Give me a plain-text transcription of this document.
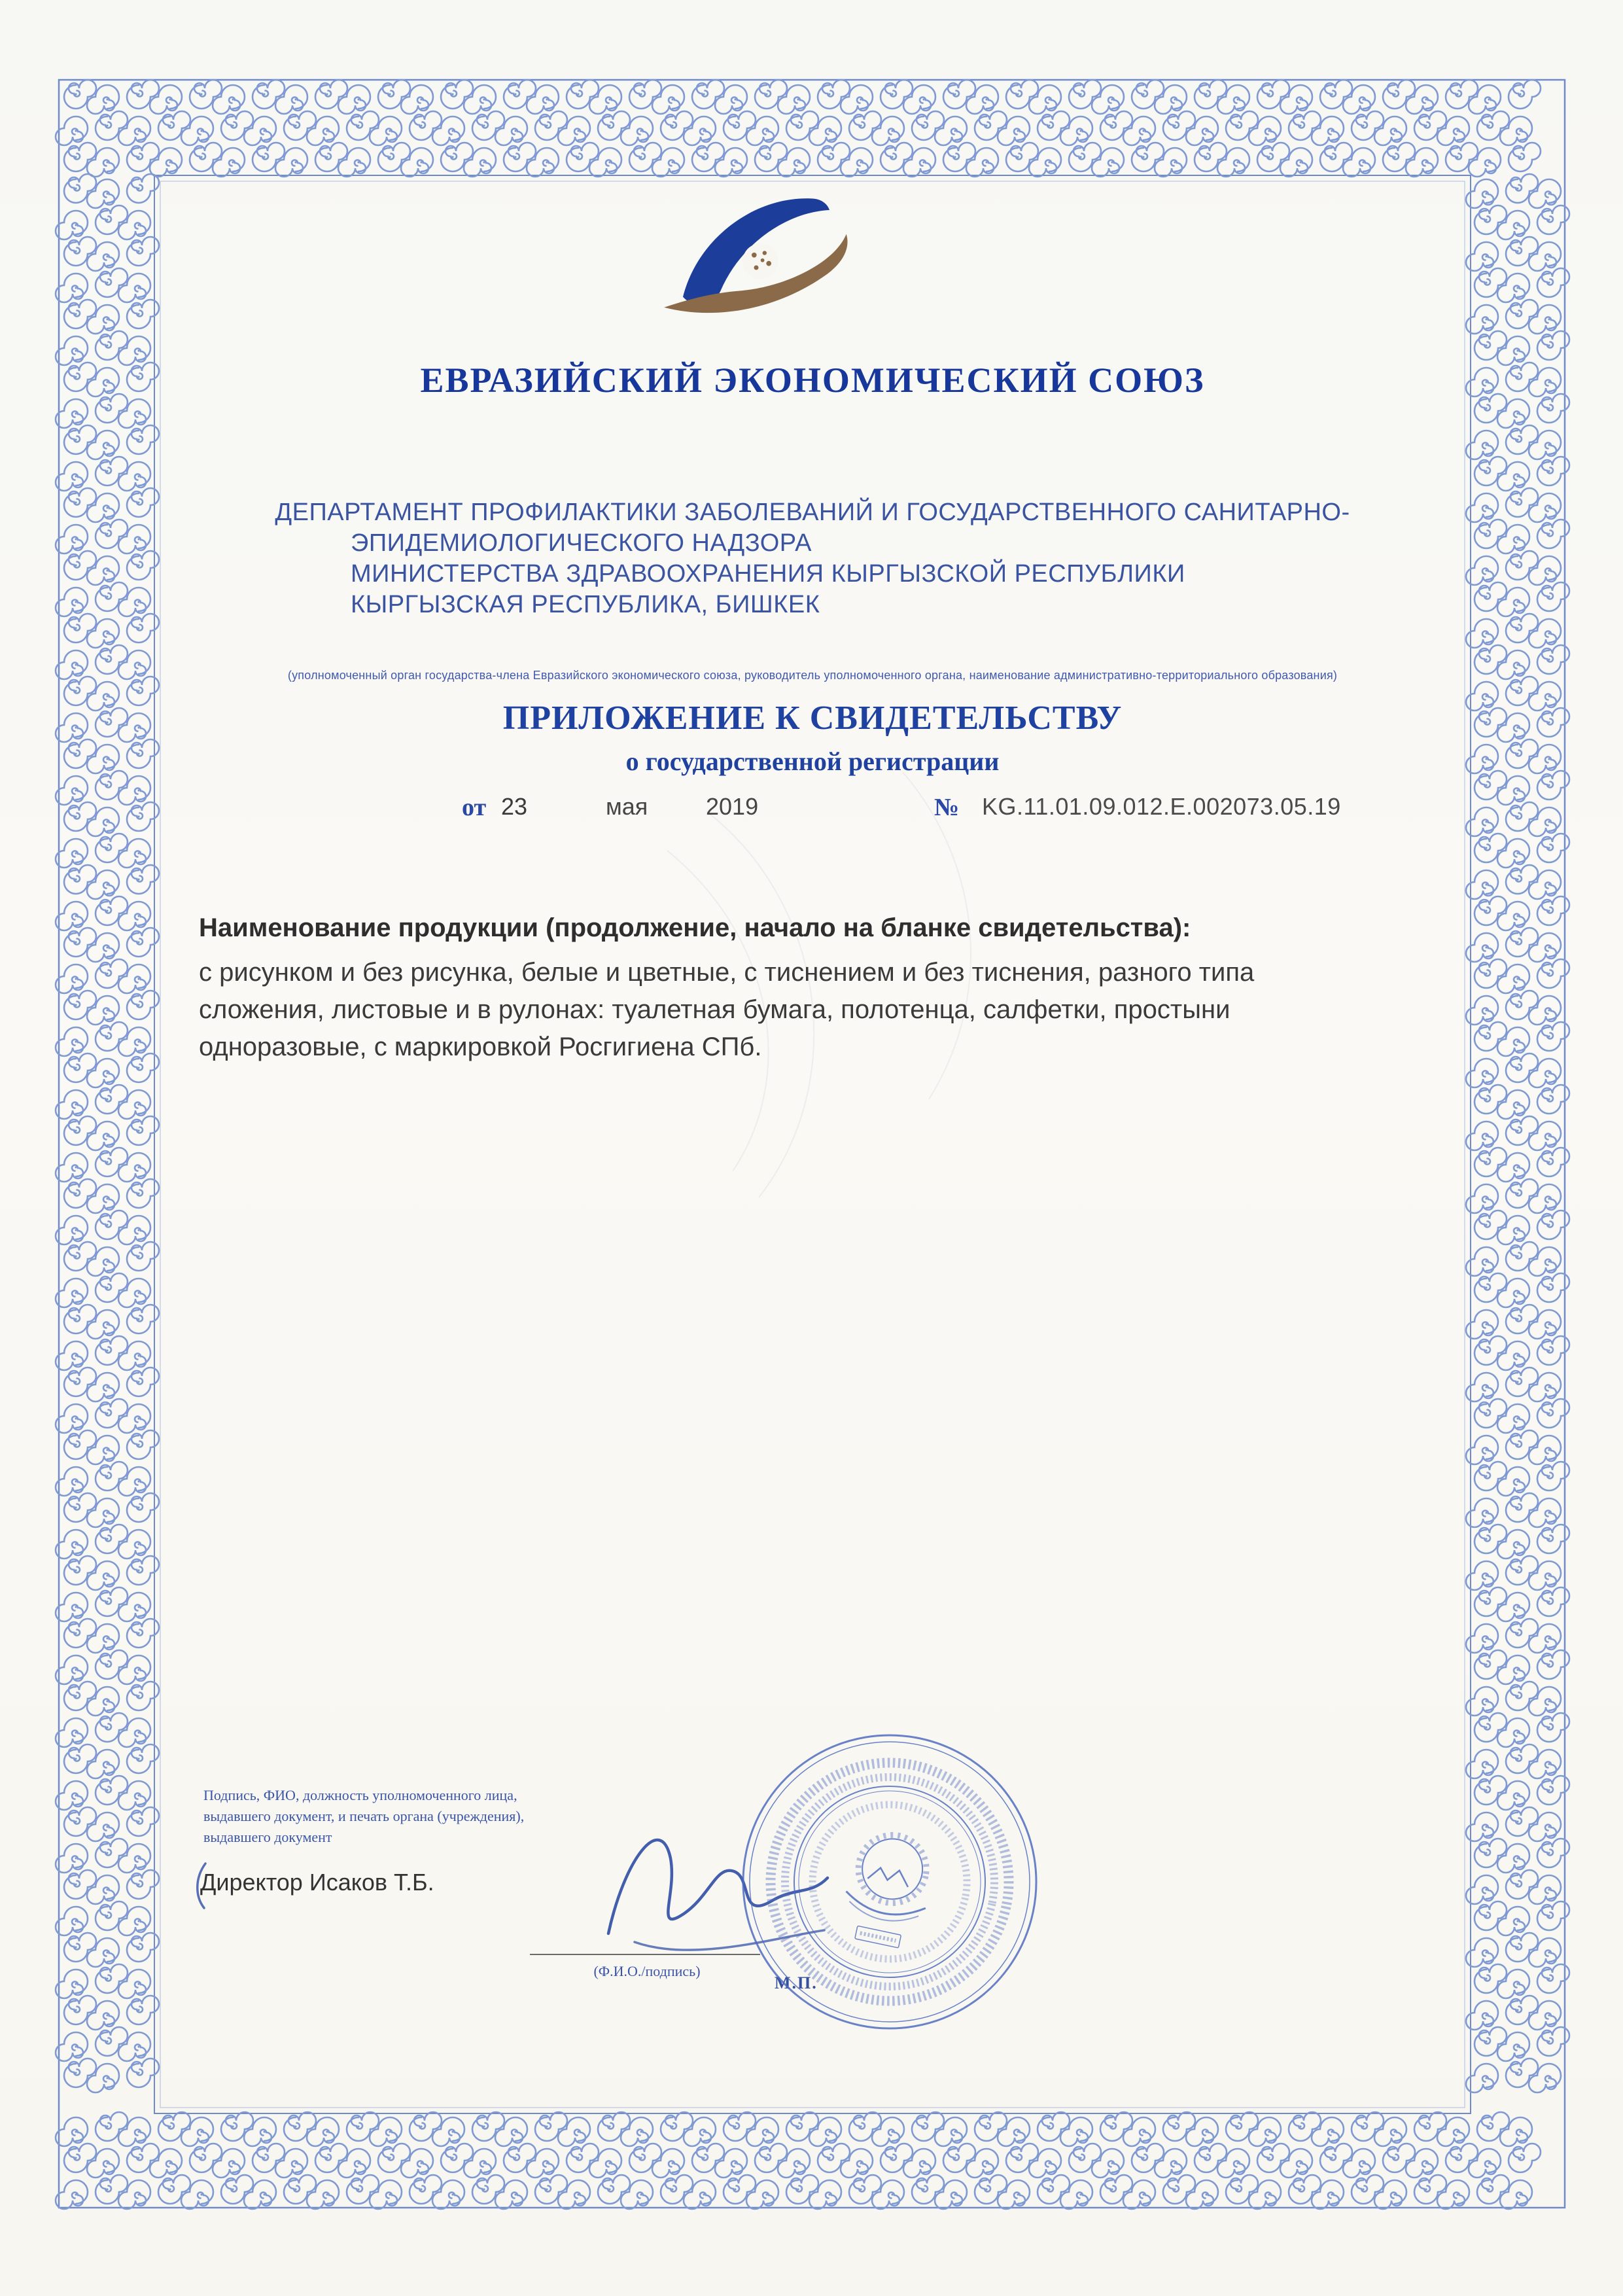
ЕВРАЗИЙСКИЙ ЭКОНОМИЧЕСКИЙ СОЮЗ
ДЕПАРТАМЕНТ ПРОФИЛАКТИКИ ЗАБОЛЕВАНИЙ И ГОСУДАРСТВЕННОГО САНИТАРНО-
ЭПИДЕМИОЛОГИЧЕСКОГО НАДЗОРА
МИНИСТЕРСТВА ЗДРАВООХРАНЕНИЯ КЫРГЫЗСКОЙ РЕСПУБЛИКИ
КЫРГЫЗСКАЯ РЕСПУБЛИКА, БИШКЕК
(уполномоченный орган государства-члена Евразийского экономического союза, руководитель уполномоченного органа, наименование административно-территориального образования)
ПРИЛОЖЕНИЕ К СВИДЕТЕЛЬСТВУ
о государственной регистрации
от 23	мая 2019	№ KG.11.01.09.012.E.002073.05.19
Наименование продукции (продолжение, начало на бланке свидетельства):
с рисунком и без рисунка, белые и цветные, с тиснением и без тиснения, разного типа сложения, листовые и в рулонах: туалетная бумага, полотенца, салфетки, простыни одноразовые, с маркировкой Росгигиена СПб.
Подпись, ФИО, должность уполномоченного лица,
выдавшего документ, и печать органа (учреждения),
выдавшего документ
Директор Исаков Т.Б.
(Ф.И.О./подпись)
М.П.
